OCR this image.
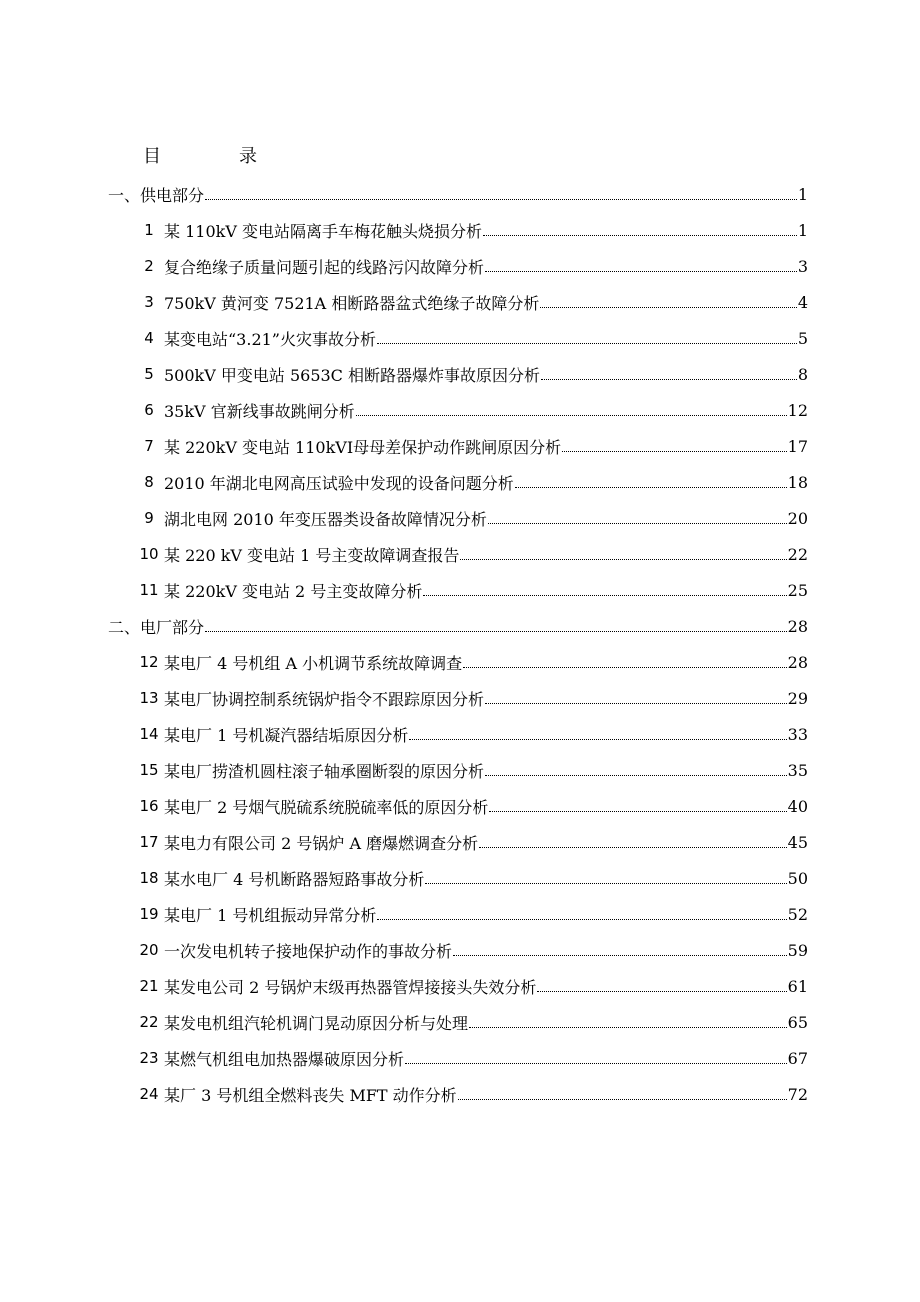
目　录
一、供电部分	1
1 某 110kV 变电站隔离手车梅花触头烧损分析	1
2 复合绝缘子质量问题引起的线路污闪故障分析	3
3 750kV 黄河变 7521A 相断路器盆式绝缘子故障分析	4
4 某变电站“3.21”火灾事故分析	5
5 500kV 甲变电站 5653C 相断路器爆炸事故原因分析	8
6 35kV 官新线事故跳闸分析	12
7 某 220kV 变电站 110kVⅠ母母差保护动作跳闸原因分析	17
8 2010 年湖北电网高压试验中发现的设备问题分析	18
9 湖北电网 2010 年变压器类设备故障情况分析	20
10 某 220 kV 变电站 1 号主变故障调查报告	22
11 某 220kV 变电站 2 号主变故障分析	25
二、电厂部分	28
12 某电厂 4 号机组 A 小机调节系统故障调查	28
13 某电厂协调控制系统锅炉指令不跟踪原因分析	29
14 某电厂 1 号机凝汽器结垢原因分析	33
15 某电厂捞渣机圆柱滚子轴承圈断裂的原因分析	35
16 某电厂 2 号烟气脱硫系统脱硫率低的原因分析	40
17 某电力有限公司 2 号锅炉 A 磨爆燃调查分析	45
18 某水电厂 4 号机断路器短路事故分析	50
19 某电厂 1 号机组振动异常分析	52
20 一次发电机转子接地保护动作的事故分析	59
21 某发电公司 2 号锅炉末级再热器管焊接接头失效分析	61
22 某发电机组汽轮机调门晃动原因分析与处理	65
23 某燃气机组电加热器爆破原因分析	67
24 某厂 3 号机组全燃料丧失 MFT 动作分析	72
